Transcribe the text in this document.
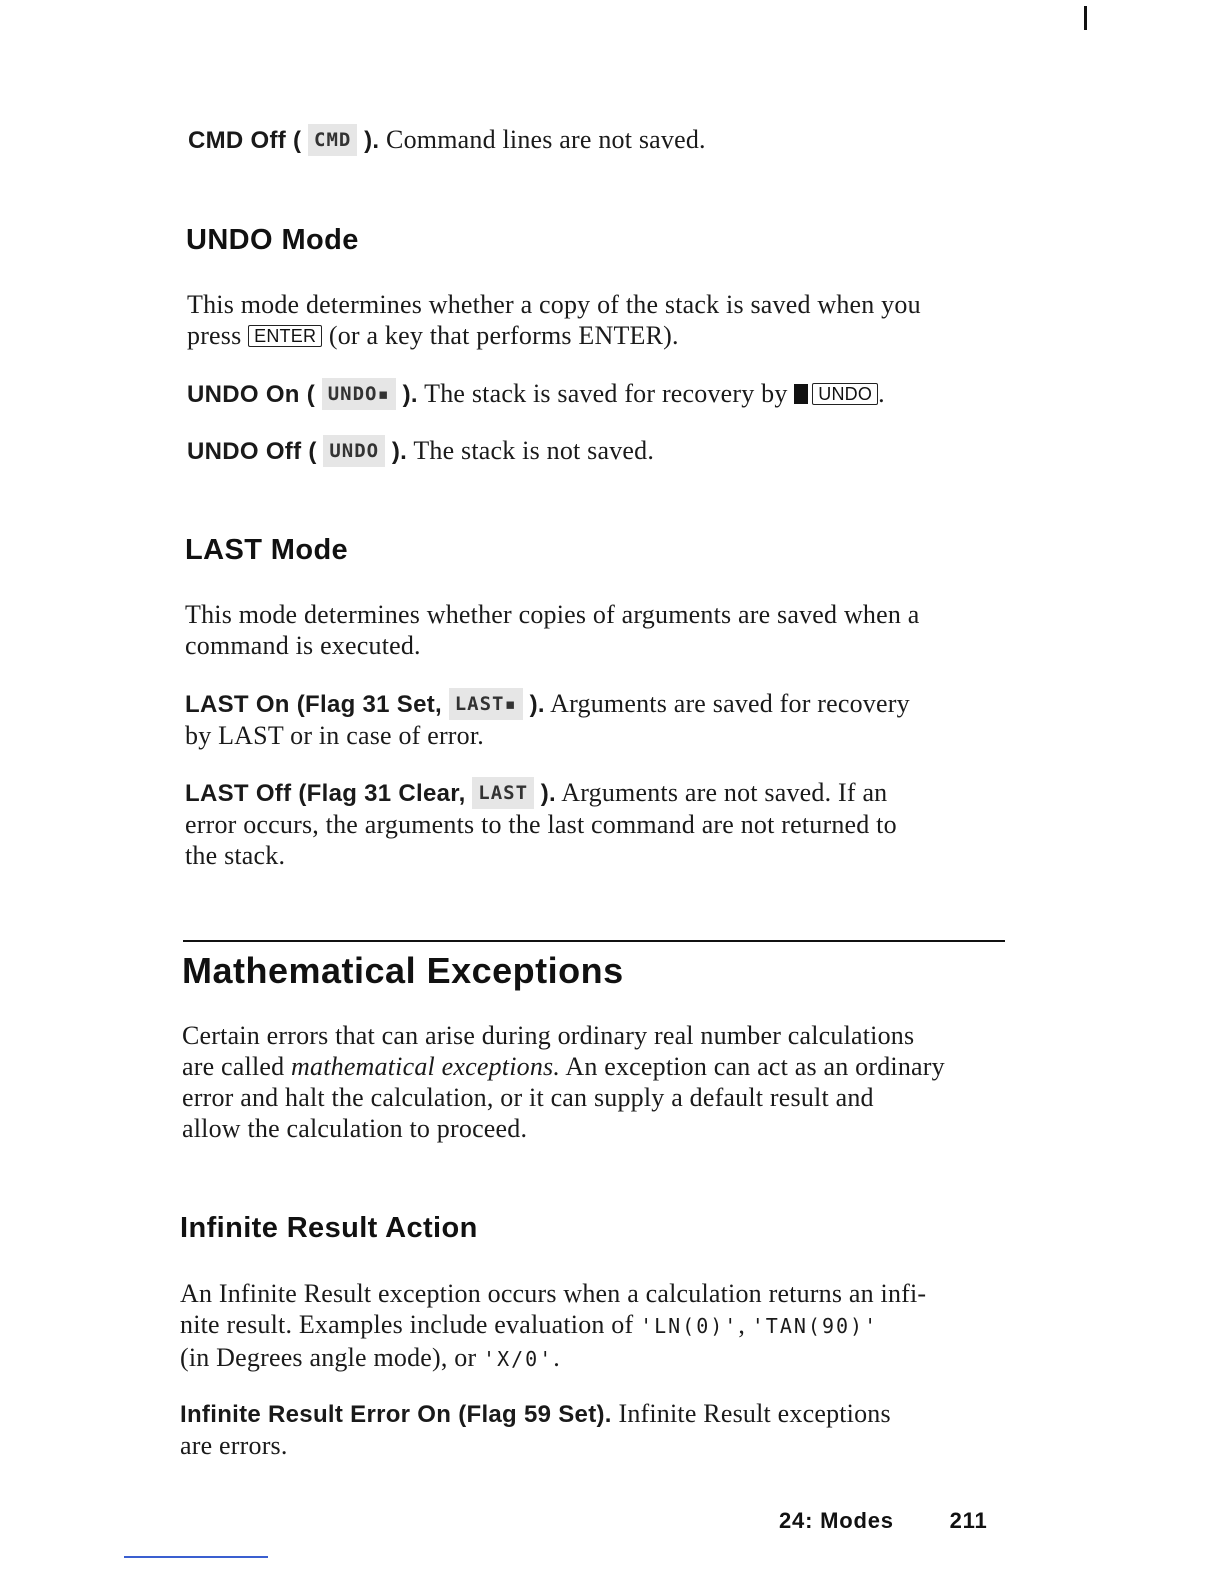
CMD Off ( CMD ). Command lines are not saved.
UNDO Mode
This mode determines whether a copy of the stack is saved when you
press ENTER (or a key that performs ENTER).
UNDO On ( UNDO▪ ). The stack is saved for recovery by UNDO .
UNDO Off ( UNDO ). The stack is not saved.
LAST Mode
This mode determines whether copies of arguments are saved when a
command is executed.
LAST On (Flag 31 Set, LAST▪ ). Arguments are saved for recovery
by LAST or in case of error.
LAST Off (Flag 31 Clear, LAST ). Arguments are not saved. If an
error occurs, the arguments to the last command are not returned to
the stack.
Mathematical Exceptions
Certain errors that can arise during ordinary real number calculations
are called mathematical exceptions. An exception can act as an ordinary
error and halt the calculation, or it can supply a default result and
allow the calculation to proceed.
Infinite Result Action
An Infinite Result exception occurs when a calculation returns an infi-
nite result. Examples include evaluation of 'LN(0)', 'TAN(90)'
(in Degrees angle mode), or 'X/0'.
Infinite Result Error On (Flag 59 Set). Infinite Result exceptions
are errors.
24: Modes	211
